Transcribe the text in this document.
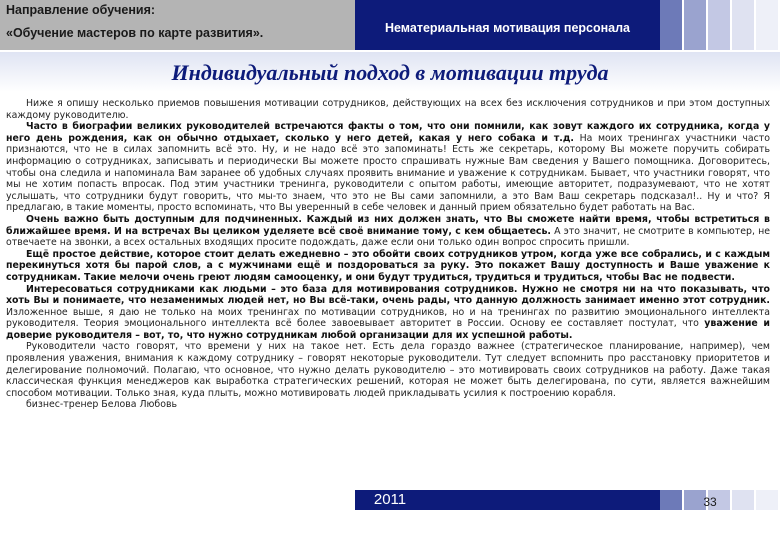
Направление обучения:
«Обучение мастеров по карте развития».	Нематериальная мотивация персонала
Индивидуальный подход в мотивации труда

Ниже я опишу несколько приемов повышения мотивации сотрудников, действующих на всех без исключения сотрудников и при этом доступных каждому руководителю.

Часто в биографии великих руководителей встречаются факты о том, что они помнили, как зовут каждого их сотрудника, когда у него день рождения, как он обычно отдыхает, сколько у него детей, какая у него собака и т.д. На моих тренингах участники часто признаются, что не в силах запомнить всё это. Ну, и не надо всё это запоминать! Есть же секретарь, которому Вы можете поручить собирать информацию о сотрудниках, записывать и периодически Вы можете просто спрашивать нужные Вам сведения у Вашего помощника. Договоритесь, чтобы она следила и напоминала Вам заранее об удобных случаях проявить внимание и уважение к сотрудникам. Бывает, что участники говорят, что мы не хотим попасть впросак. Под этим участники тренинга, руководители с опытом работы, имеющие авторитет, подразумевают, что не хотят услышать, что сотрудники будут говорить, что мы-то знаем, что это не Вы сами запомнили, а это Вам Ваш секретарь подсказал!.. Ну и что? Я предлагаю, в такие моменты, просто вспоминать, что Вы уверенный в себе человек и данный прием обязательно будет работать на Вас.

Очень важно быть доступным для подчиненных. Каждый из них должен знать, что Вы сможете найти время, чтобы встретиться в ближайшее время. И на встречах Вы целиком уделяете всё своё внимание тому, с кем общаетесь. А это значит, не смотрите в компьютер, не отвечаете на звонки, а всех остальных входящих просите подождать, даже если они только один вопрос спросить пришли.

Ещё простое действие, которое стоит делать ежедневно – это обойти своих сотрудников утром, когда уже все собрались, и с каждым перекинуться хотя бы парой слов, а с мужчинами ещё и поздороваться за руку. Это покажет Вашу доступность и Ваше уважение к сотрудникам. Такие мелочи очень греют людям самооценку, и они будут трудиться, трудиться и трудиться, чтобы Вас не подвести.

Интересоваться сотрудниками как людьми – это база для мотивирования сотрудников. Нужно не смотря ни на что показывать, что хоть Вы и понимаете, что незаменимых людей нет, но Вы всё-таки, очень рады, что данную должность занимает именно этот сотрудник. Изложенное выше, я даю не только на моих тренингах по мотивации сотрудников, но и на тренингах по развитию эмоционального интеллекта руководителя. Теория эмоционального интеллекта всё более завоевывает авторитет в России. Основу ее составляет постулат, что уважение и доверие руководителя – вот, то, что нужно сотрудникам любой организации для их успешной работы.

Руководители часто говорят, что времени у них на такое нет. Есть дела гораздо важнее (стратегическое планирование, например), чем проявления уважения, внимания к каждому сотруднику – говорят некоторые руководители. Тут следует вспомнить про расстановку приоритетов и делегирование полномочий. Полагаю, что основное, что нужно делать руководителю – это мотивировать своих сотрудников на работу. Даже такая классическая функция менеджеров как выработка стратегических решений, которая не может быть делегирована, по сути, является важнейшим способом мотивации. Только зная, куда плыть, можно мотивировать людей прикладывать усилия к построению корабля.

бизнес-тренер Белова Любовь

2011	33
